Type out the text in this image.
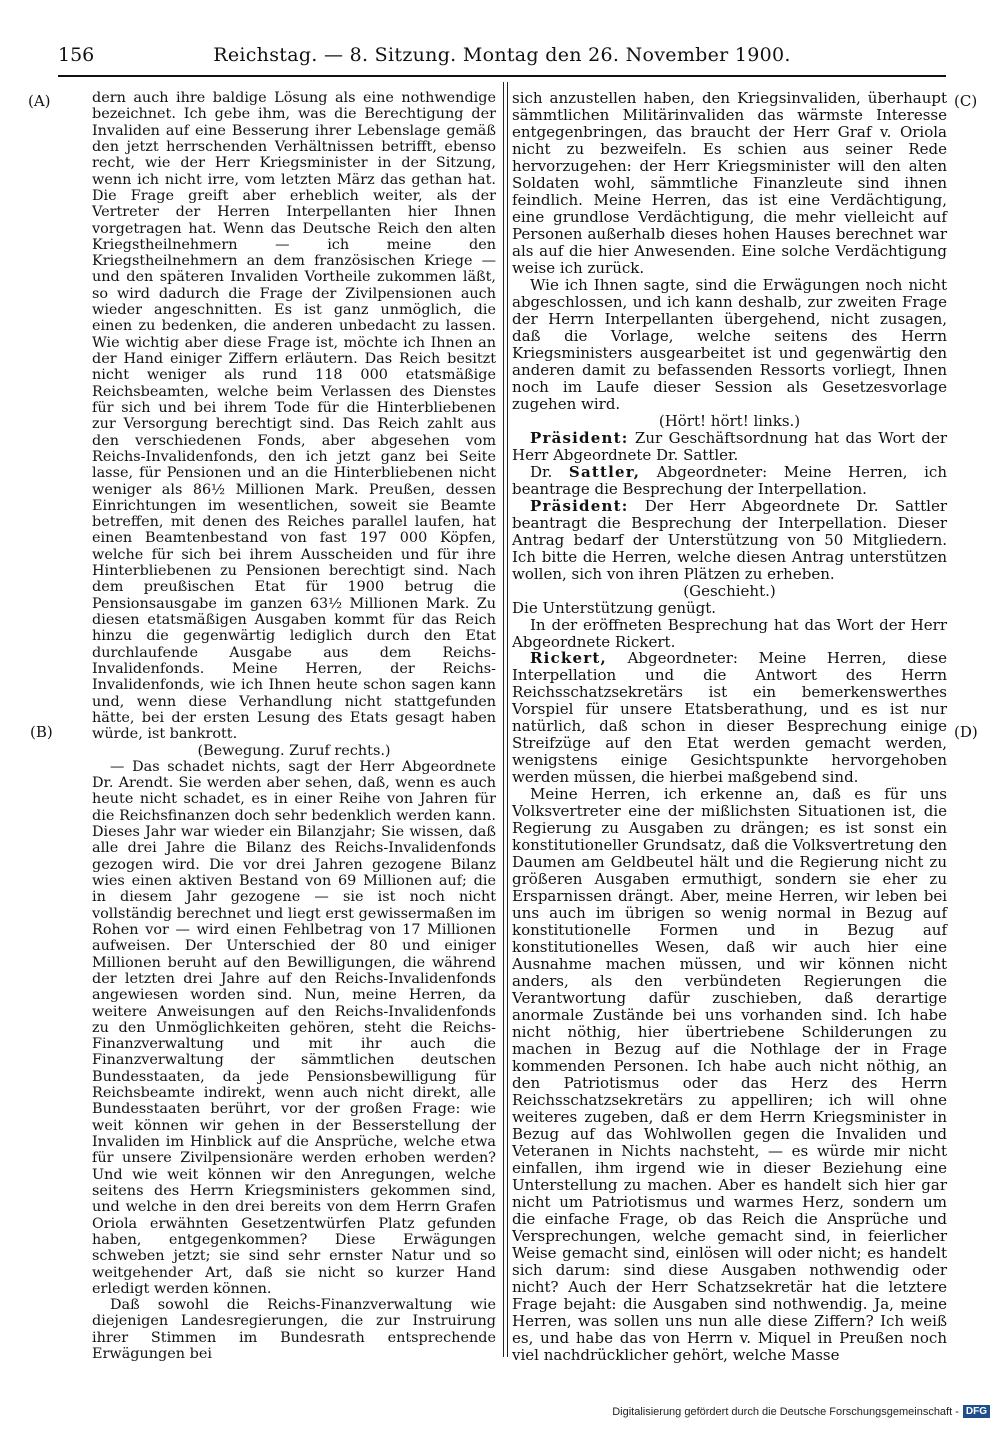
156	Reichstag. — 8. Sitzung. Montag den 26. November 1900.
(A)
(B)
(C)
(D)

dern auch ihre baldige Lösung als eine nothwendige bezeichnet. Ich gebe ihm, was die Berechtigung der Invaliden auf eine Besserung ihrer Lebenslage gemäß den jetzt herrschenden Verhältnissen betrifft, ebenso recht, wie der Herr Kriegsminister in der Sitzung, wenn ich nicht irre, vom letzten März das gethan hat. Die Frage greift aber erheblich weiter, als der Vertreter der Herren Interpellanten hier Ihnen vorgetragen hat. Wenn das Deutsche Reich den alten Kriegstheilnehmern — ich meine den Kriegstheilnehmern an dem französischen Kriege — und den späteren Invaliden Vortheile zukommen läßt, so wird dadurch die Frage der Zivilpensionen auch wieder angeschnitten. Es ist ganz unmöglich, die einen zu bedenken, die anderen unbedacht zu lassen. Wie wichtig aber diese Frage ist, möchte ich Ihnen an der Hand einiger Ziffern erläutern. Das Reich besitzt nicht weniger als rund 118 000 etatsmäßige Reichsbeamten, welche beim Verlassen des Dienstes für sich und bei ihrem Tode für die Hinterbliebenen zur Versorgung berechtigt sind. Das Reich zahlt aus den verschiedenen Fonds, aber abgesehen vom Reichs-Invalidenfonds, den ich jetzt ganz bei Seite lasse, für Pensionen und an die Hinterbliebenen nicht weniger als 86½ Millionen Mark. Preußen, dessen Einrichtungen im wesentlichen, soweit sie Beamte betreffen, mit denen des Reiches parallel laufen, hat einen Beamtenbestand von fast 197 000 Köpfen, welche für sich bei ihrem Ausscheiden und für ihre Hinterbliebenen zu Pensionen berechtigt sind. Nach dem preußischen Etat für 1900 betrug die Pensionsausgabe im ganzen 63½ Millionen Mark. Zu diesen etatsmäßigen Ausgaben kommt für das Reich hinzu die gegenwärtig lediglich durch den Etat durchlaufende Ausgabe aus dem Reichs-Invalidenfonds. Meine Herren, der Reichs-Invalidenfonds, wie ich Ihnen heute schon sagen kann und, wenn diese Verhandlung nicht stattgefunden hätte, bei der ersten Lesung des Etats gesagt haben würde, ist bankrott.

(Bewegung. Zuruf rechts.)

— Das schadet nichts, sagt der Herr Abgeordnete Dr. Arendt. Sie werden aber sehen, daß, wenn es auch heute nicht schadet, es in einer Reihe von Jahren für die Reichsfinanzen doch sehr bedenklich werden kann. Dieses Jahr war wieder ein Bilanzjahr; Sie wissen, daß alle drei Jahre die Bilanz des Reichs-Invalidenfonds gezogen wird. Die vor drei Jahren gezogene Bilanz wies einen aktiven Bestand von 69 Millionen auf; die in diesem Jahr gezogene — sie ist noch nicht vollständig berechnet und liegt erst gewissermaßen im Rohen vor — wird einen Fehlbetrag von 17 Millionen aufweisen. Der Unterschied der 80 und einiger Millionen beruht auf den Bewilligungen, die während der letzten drei Jahre auf den Reichs-Invalidenfonds angewiesen worden sind. Nun, meine Herren, da weitere Anweisungen auf den Reichs-Invalidenfonds zu den Unmöglichkeiten gehören, steht die Reichs-Finanzverwaltung und mit ihr auch die Finanzverwaltung der sämmtlichen deutschen Bundesstaaten, da jede Pensionsbewilligung für Reichsbeamte indirekt, wenn auch nicht direkt, alle Bundesstaaten berührt, vor der großen Frage: wie weit können wir gehen in der Besserstellung der Invaliden im Hinblick auf die Ansprüche, welche etwa für unsere Zivilpensionäre werden erhoben werden? Und wie weit können wir den Anregungen, welche seitens des Herrn Kriegsministers gekommen sind, und welche in den drei bereits von dem Herrn Grafen Oriola erwähnten Gesetzentwürfen Platz gefunden haben, entgegenkommen? Diese Erwägungen schweben jetzt; sie sind sehr ernster Natur und so weitgehender Art, daß sie nicht so kurzer Hand erledigt werden können.

Daß sowohl die Reichs-Finanzverwaltung wie diejenigen Landesregierungen, die zur Instruirung ihrer Stimmen im Bundesrath entsprechende Erwägungen bei

sich anzustellen haben, den Kriegsinvaliden, überhaupt sämmtlichen Militärinvaliden das wärmste Interesse entgegenbringen, das braucht der Herr Graf v. Oriola nicht zu bezweifeln. Es schien aus seiner Rede hervorzugehen: der Herr Kriegsminister will den alten Soldaten wohl, sämmtliche Finanzleute sind ihnen feindlich. Meine Herren, das ist eine Verdächtigung, eine grundlose Verdächtigung, die mehr vielleicht auf Personen außerhalb dieses hohen Hauses berechnet war als auf die hier Anwesenden. Eine solche Verdächtigung weise ich zurück.

Wie ich Ihnen sagte, sind die Erwägungen noch nicht abgeschlossen, und ich kann deshalb, zur zweiten Frage der Herrn Interpellanten übergehend, nicht zusagen, daß die Vorlage, welche seitens des Herrn Kriegsministers ausgearbeitet ist und gegenwärtig den anderen damit zu befassenden Ressorts vorliegt, Ihnen noch im Laufe dieser Session als Gesetzesvorlage zugehen wird.

(Hört! hört! links.)

Präsident: Zur Geschäftsordnung hat das Wort der Herr Abgeordnete Dr. Sattler.

Dr. Sattler, Abgeordneter: Meine Herren, ich beantrage die Besprechung der Interpellation.

Präsident: Der Herr Abgeordnete Dr. Sattler beantragt die Besprechung der Interpellation. Dieser Antrag bedarf der Unterstützung von 50 Mitgliedern. Ich bitte die Herren, welche diesen Antrag unterstützen wollen, sich von ihren Plätzen zu erheben.

(Geschieht.)

Die Unterstützung genügt.

In der eröffneten Besprechung hat das Wort der Herr Abgeordnete Rickert.

Rickert, Abgeordneter: Meine Herren, diese Interpellation und die Antwort des Herrn Reichsschatzsekretärs ist ein bemerkenswerthes Vorspiel für unsere Etatsberathung, und es ist nur natürlich, daß schon in dieser Besprechung einige Streifzüge auf den Etat werden gemacht werden, wenigstens einige Gesichtspunkte hervorgehoben werden müssen, die hierbei maßgebend sind.

Meine Herren, ich erkenne an, daß es für uns Volksvertreter eine der mißlichsten Situationen ist, die Regierung zu Ausgaben zu drängen; es ist sonst ein konstitutioneller Grundsatz, daß die Volksvertretung den Daumen am Geldbeutel hält und die Regierung nicht zu größeren Ausgaben ermuthigt, sondern sie eher zu Ersparnissen drängt. Aber, meine Herren, wir leben bei uns auch im übrigen so wenig normal in Bezug auf konstitutionelle Formen und in Bezug auf konstitutionelles Wesen, daß wir auch hier eine Ausnahme machen müssen, und wir können nicht anders, als den verbündeten Regierungen die Verantwortung dafür zuschieben, daß derartige anormale Zustände bei uns vorhanden sind. Ich habe nicht nöthig, hier übertriebene Schilderungen zu machen in Bezug auf die Nothlage der in Frage kommenden Personen. Ich habe auch nicht nöthig, an den Patriotismus oder das Herz des Herrn Reichsschatzsekretärs zu appelliren; ich will ohne weiteres zugeben, daß er dem Herrn Kriegsminister in Bezug auf das Wohlwollen gegen die Invaliden und Veteranen in Nichts nachsteht, — es würde mir nicht einfallen, ihm irgend wie in dieser Beziehung eine Unterstellung zu machen. Aber es handelt sich hier gar nicht um Patriotismus und warmes Herz, sondern um die einfache Frage, ob das Reich die Ansprüche und Versprechungen, welche gemacht sind, in feierlicher Weise gemacht sind, einlösen will oder nicht; es handelt sich darum: sind diese Ausgaben nothwendig oder nicht? Auch der Herr Schatzsekretär hat die letztere Frage bejaht: die Ausgaben sind nothwendig. Ja, meine Herren, was sollen uns nun alle diese Ziffern? Ich weiß es, und habe das von Herrn v. Miquel in Preußen noch viel nachdrücklicher gehört, welche Masse

Digitalisierung gefördert durch die Deutsche Forschungsgemeinschaft - DFG
